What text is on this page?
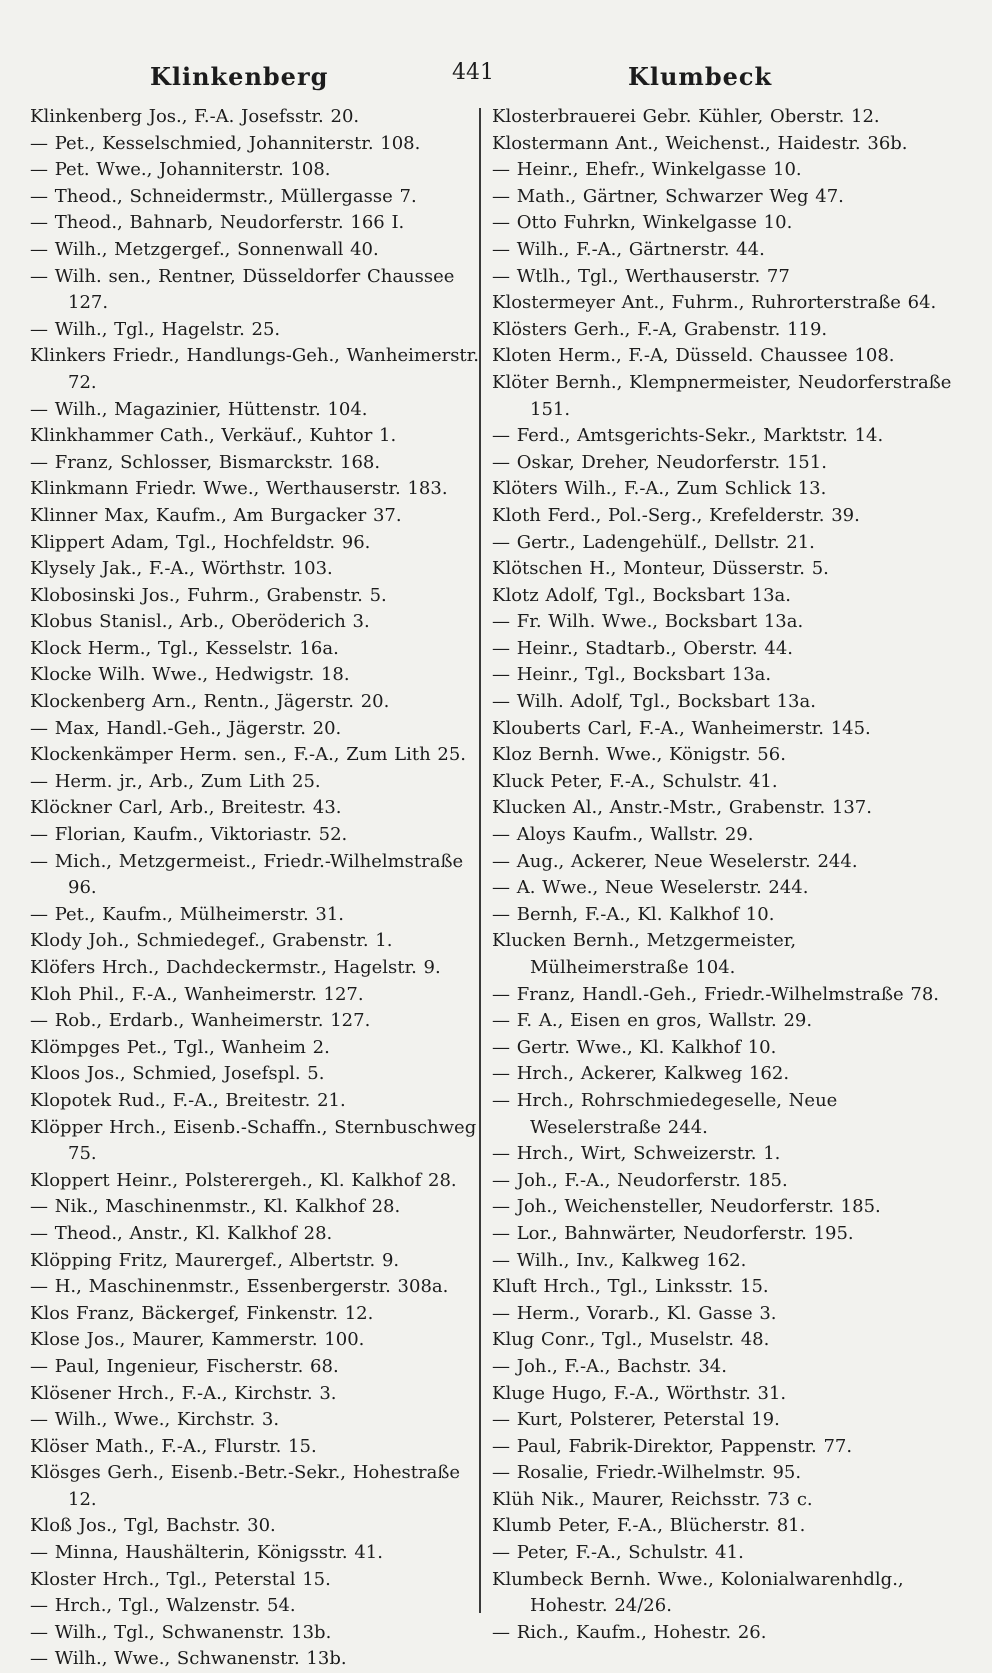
Klinkenberg	441	Klumbeck
Klinkenberg Jos., F.-A. Josefsstr. 20.
— Pet., Kesselschmied, Johanniterstr. 108.
— Pet. Wwe., Johanniterstr. 108.
— Theod., Schneidermstr., Müllergasse 7.
— Theod., Bahnarb, Neudorferstr. 166 I.
— Wilh., Metzgergef., Sonnenwall 40.
— Wilh. sen., Rentner, Düsseldorfer Chaussee 127.
— Wilh., Tgl., Hagelstr. 25.
Klinkers Friedr., Handlungs-Geh., Wanheimerstr. 72.
— Wilh., Magazinier, Hüttenstr. 104.
Klinkhammer Cath., Verkäuf., Kuhtor 1.
— Franz, Schlosser, Bismarckstr. 168.
Klinkmann Friedr. Wwe., Werthauserstr. 183.
Klinner Max, Kaufm., Am Burgacker 37.
Klippert Adam, Tgl., Hochfeldstr. 96.
Klysely Jak., F.-A., Wörthstr. 103.
Klobosinski Jos., Fuhrm., Grabenstr. 5.
Klobus Stanisl., Arb., Oberöderich 3.
Klock Herm., Tgl., Kesselstr. 16a.
Klocke Wilh. Wwe., Hedwigstr. 18.
Klockenberg Arn., Rentn., Jägerstr. 20.
— Max, Handl.-Geh., Jägerstr. 20.
Klockenkämper Herm. sen., F.-A., Zum Lith 25.
— Herm. jr., Arb., Zum Lith 25.
Klöckner Carl, Arb., Breitestr. 43.
— Florian, Kaufm., Viktoriastr. 52.
— Mich., Metzgermeist., Friedr.-Wilhelmstraße 96.
— Pet., Kaufm., Mülheimerstr. 31.
Klody Joh., Schmiedegef., Grabenstr. 1.
Klöfers Hrch., Dachdeckermstr., Hagelstr. 9.
Kloh Phil., F.-A., Wanheimerstr. 127.
— Rob., Erdarb., Wanheimerstr. 127.
Klömpges Pet., Tgl., Wanheim 2.
Kloos Jos., Schmied, Josefspl. 5.
Klopotek Rud., F.-A., Breitestr. 21.
Klöpper Hrch., Eisenb.-Schaffn., Sternbuschweg 75.
Kloppert Heinr., Polsterergeh., Kl. Kalkhof 28.
— Nik., Maschinenmstr., Kl. Kalkhof 28.
— Theod., Anstr., Kl. Kalkhof 28.
Klöpping Fritz, Maurergef., Albertstr. 9.
— H., Maschinenmstr., Essenbergerstr. 308a.
Klos Franz, Bäckergef, Finkenstr. 12.
Klose Jos., Maurer, Kammerstr. 100.
— Paul, Ingenieur, Fischerstr. 68.
Klösener Hrch., F.-A., Kirchstr. 3.
— Wilh., Wwe., Kirchstr. 3.
Klöser Math., F.-A., Flurstr. 15.
Klösges Gerh., Eisenb.-Betr.-Sekr., Hohestraße 12.
Kloß Jos., Tgl, Bachstr. 30.
— Minna, Haushälterin, Königsstr. 41.
Kloster Hrch., Tgl., Peterstal 15.
— Hrch., Tgl., Walzenstr. 54.
— Wilh., Tgl., Schwanenstr. 13b.
— Wilh., Wwe., Schwanenstr. 13b.
Klosterbrauerei Gebr. Kühler, Oberstr. 12.
Klostermann Ant., Weichenst., Haidestr. 36b.
— Heinr., Ehefr., Winkelgasse 10.
— Math., Gärtner, Schwarzer Weg 47.
— Otto Fuhrkn, Winkelgasse 10.
— Wilh., F.-A., Gärtnerstr. 44.
— Wtlh., Tgl., Werthauserstr. 77
Klostermeyer Ant., Fuhrm., Ruhrorterstraße 64.
Klösters Gerh., F.-A, Grabenstr. 119.
Kloten Herm., F.-A, Düsseld. Chaussee 108.
Klöter Bernh., Klempnermeister, Neudorferstraße 151.
— Ferd., Amtsgerichts-Sekr., Marktstr. 14.
— Oskar, Dreher, Neudorferstr. 151.
Klöters Wilh., F.-A., Zum Schlick 13.
Kloth Ferd., Pol.-Serg., Krefelderstr. 39.
— Gertr., Ladengehülf., Dellstr. 21.
Klötschen H., Monteur, Düsserstr. 5.
Klotz Adolf, Tgl., Bocksbart 13a.
— Fr. Wilh. Wwe., Bocksbart 13a.
— Heinr., Stadtarb., Oberstr. 44.
— Heinr., Tgl., Bocksbart 13a.
— Wilh. Adolf, Tgl., Bocksbart 13a.
Klouberts Carl, F.-A., Wanheimerstr. 145.
Kloz Bernh. Wwe., Königstr. 56.
Kluck Peter, F.-A., Schulstr. 41.
Klucken Al., Anstr.-Mstr., Grabenstr. 137.
— Aloys Kaufm., Wallstr. 29.
— Aug., Ackerer, Neue Weselerstr. 244.
— A. Wwe., Neue Weselerstr. 244.
— Bernh, F.-A., Kl. Kalkhof 10.
Klucken Bernh., Metzgermeister, Mülheimerstraße 104.
— Franz, Handl.-Geh., Friedr.-Wilhelmstraße 78.
— F. A., Eisen en gros, Wallstr. 29.
— Gertr. Wwe., Kl. Kalkhof 10.
— Hrch., Ackerer, Kalkweg 162.
— Hrch., Rohrschmiedegeselle, Neue Weselerstraße 244.
— Hrch., Wirt, Schweizerstr. 1.
— Joh., F.-A., Neudorferstr. 185.
— Joh., Weichensteller, Neudorferstr. 185.
— Lor., Bahnwärter, Neudorferstr. 195.
— Wilh., Inv., Kalkweg 162.
Kluft Hrch., Tgl., Linksstr. 15.
— Herm., Vorarb., Kl. Gasse 3.
Klug Conr., Tgl., Muselstr. 48.
— Joh., F.-A., Bachstr. 34.
Kluge Hugo, F.-A., Wörthstr. 31.
— Kurt, Polsterer, Peterstal 19.
— Paul, Fabrik-Direktor, Pappenstr. 77.
— Rosalie, Friedr.-Wilhelmstr. 95.
Klüh Nik., Maurer, Reichsstr. 73 c.
Klumb Peter, F.-A., Blücherstr. 81.
— Peter, F.-A., Schulstr. 41.
Klumbeck Bernh. Wwe., Kolonialwarenhdlg., Hohestr. 24/26.
— Rich., Kaufm., Hohestr. 26.
